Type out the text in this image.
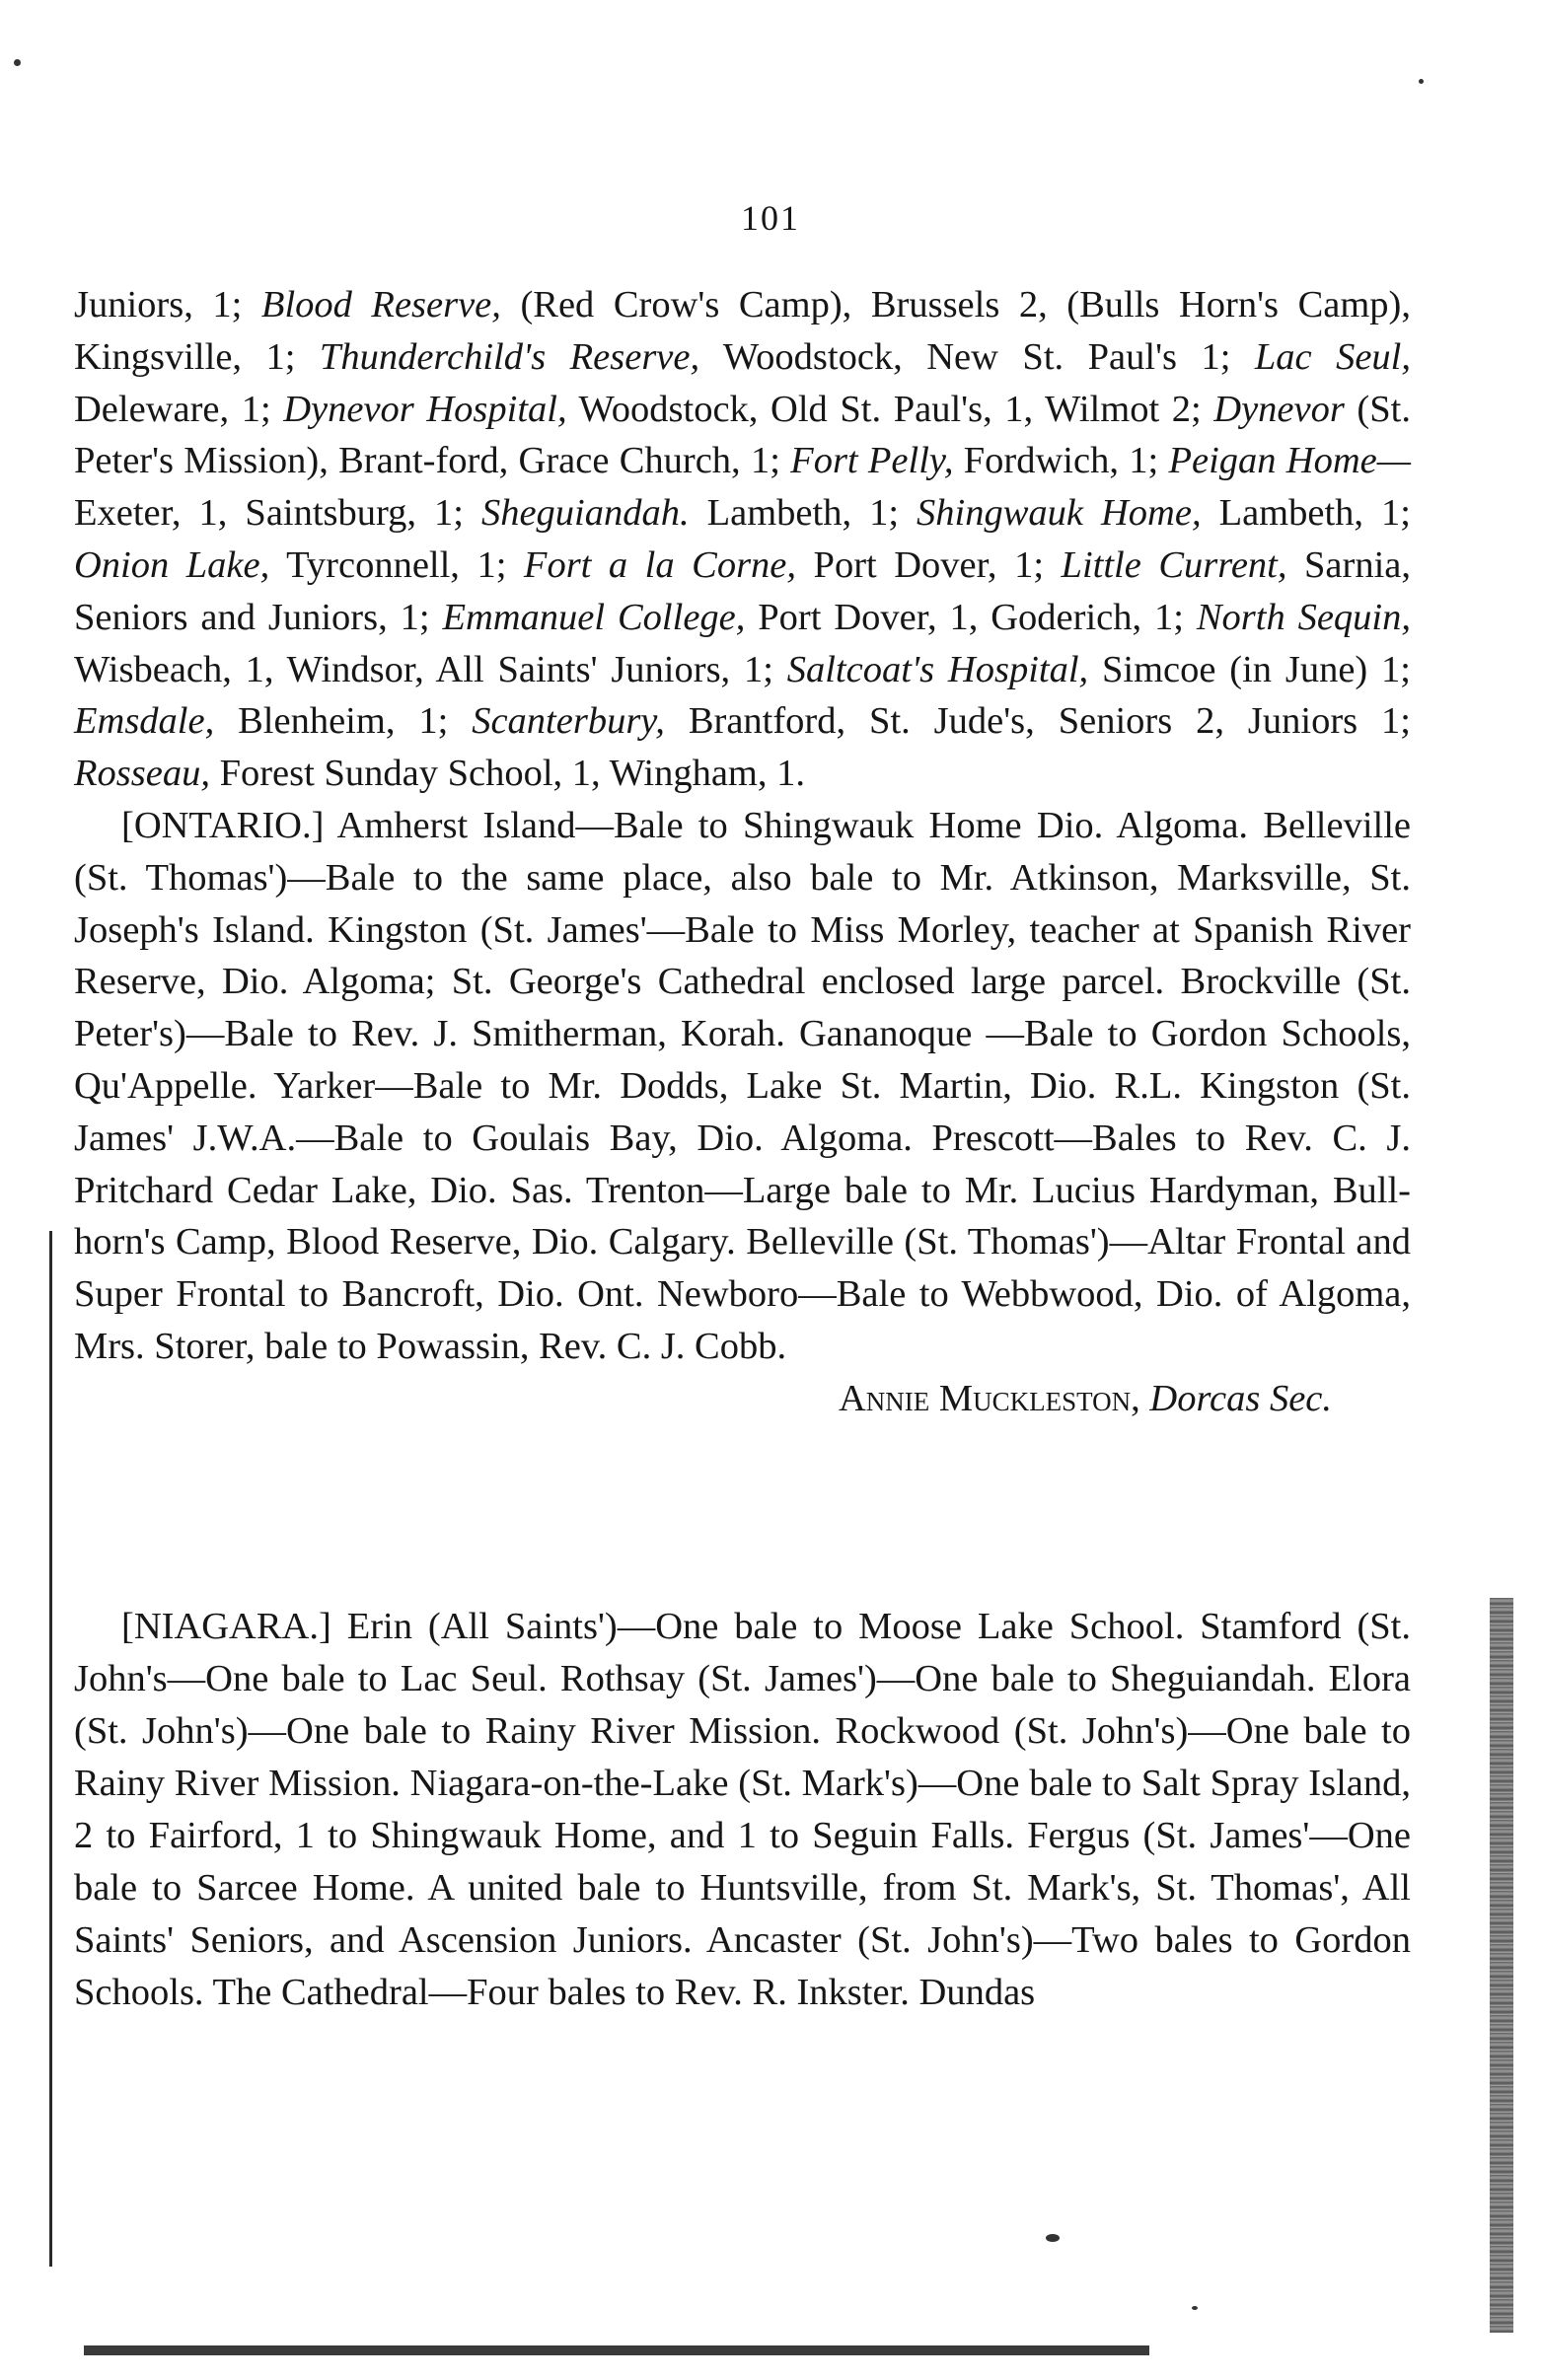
101

Juniors, 1; Blood Reserve, (Red Crow's Camp), Brussels 2, (Bulls Horn's Camp), Kingsville, 1; Thunderchild's Reserve, Woodstock, New St. Paul's 1; Lac Seul, Deleware, 1; Dynevor Hospital, Woodstock, Old St. Paul's, 1, Wilmot 2; Dynevor (St. Peter's Mission), Brant-ford, Grace Church, 1; Fort Pelly, Fordwich, 1; Peigan Home— Exeter, 1, Saintsburg, 1; Sheguiandah. Lambeth, 1; Shingwauk Home, Lambeth, 1; Onion Lake, Tyrconnell, 1; Fort a la Corne, Port Dover, 1; Little Current, Sarnia, Seniors and Juniors, 1; Emmanuel College, Port Dover, 1, Goderich, 1; North Sequin, Wisbeach, 1, Windsor, All Saints' Juniors, 1; Saltcoat's Hospital, Simcoe (in June) 1; Emsdale, Blenheim, 1; Scanterbury, Brantford, St. Jude's, Seniors 2, Juniors 1; Rosseau, Forest Sunday School, 1, Wingham, 1.

[ONTARIO.] Amherst Island—Bale to Shingwauk Home Dio. Algoma. Belleville (St. Thomas')—Bale to the same place, also bale to Mr. Atkinson, Marksville, St. Joseph's Island. Kingston (St. James'—Bale to Miss Morley, teacher at Spanish River Reserve, Dio. Algoma; St. George's Cathedral enclosed large parcel. Brockville (St. Peter's)—Bale to Rev. J. Smitherman, Korah. Gananoque —Bale to Gordon Schools, Qu'Appelle. Yarker—Bale to Mr. Dodds, Lake St. Martin, Dio. R.L. Kingston (St. James' J.W.A.—Bale to Goulais Bay, Dio. Algoma. Prescott—Bales to Rev. C. J. Pritchard Cedar Lake, Dio. Sas. Trenton—Large bale to Mr. Lucius Hardyman, Bull-horn's Camp, Blood Reserve, Dio. Calgary. Belleville (St. Thomas')—Altar Frontal and Super Frontal to Bancroft, Dio. Ont. Newboro—Bale to Webbwood, Dio. of Algoma, Mrs. Storer, bale to Powassin, Rev. C. J. Cobb.

Annie Muckleston, Dorcas Sec.

[NIAGARA.] Erin (All Saints')—One bale to Moose Lake School. Stamford (St. John's—One bale to Lac Seul. Rothsay (St. James')—One bale to Sheguiandah. Elora (St. John's)—One bale to Rainy River Mission. Rockwood (St. John's)—One bale to Rainy River Mission. Niagara-on-the-Lake (St. Mark's)—One bale to Salt Spray Island, 2 to Fairford, 1 to Shingwauk Home, and 1 to Seguin Falls. Fergus (St. James'—One bale to Sarcee Home. A united bale to Huntsville, from St. Mark's, St. Thomas', All Saints' Seniors, and Ascension Juniors. Ancaster (St. John's)—Two bales to Gordon Schools. The Cathedral—Four bales to Rev. R. Inkster. Dundas
